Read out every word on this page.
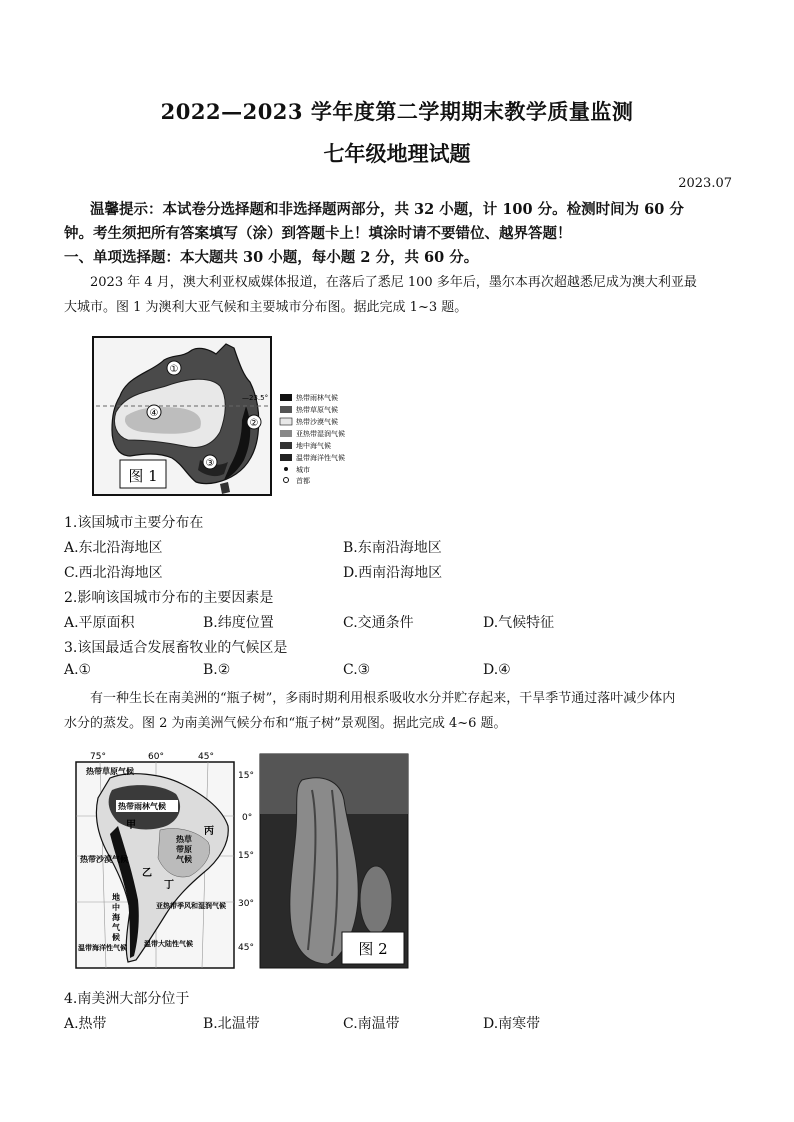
2022—2023 学年度第二学期期末教学质量监测
七年级地理试题
2023.07
温馨提示：本试卷分选择题和非选择题两部分，共 32 小题，计 100 分。检测时间为 60 分
钟。考生须把所有答案填写（涂）到答题卡上！填涂时请不要错位、越界答题！
一、单项选择题：本大题共 30 小题，每小题 2 分，共 60 分。
2023 年 4 月，澳大利亚权威媒体报道，在落后了悉尼 100 多年后，墨尔本再次超越悉尼成为澳大利亚最
大城市。图 1 为澳利大亚气候和主要城市分布图。据此完成 1~3 题。
①
②
③
④
—23.5°
图 1
热带雨林气候
热带草原气候
热带沙漠气候
亚热带湿润气候
地中海气候
温带海洋性气候
城市
首都
1.该国城市主要分布在
A.东北沿海地区	B.东南沿海地区
C.西北沿海地区	D.西南沿海地区
2.影响该国城市分布的主要因素是
A.平原面积	B.纬度位置	C.交通条件	D.气候特征
3.该国最适合发展畜牧业的气候区是
A.①	B.②	C.③	D.④
有一种生长在南美洲的“瓶子树”，多雨时期利用根系吸收水分并贮存起来，干旱季节通过落叶减少体内
水分的蒸发。图 2 为南美洲气候分布和“瓶子树”景观图。据此完成 4~6 题。
75°	60°	45°
15°
0°
15°
30°
45°
热带草原气候
热带雨林气候
甲
丙
热
带
草
原
气 候
热带沙漠气候
乙
丁
地
中
海
气
候
亚热带季风和湿润气候
温带海洋性气候 温带大陆性气候	图 2
4.南美洲大部分位于
A.热带	B.北温带	C.南温带	D.南寒带
